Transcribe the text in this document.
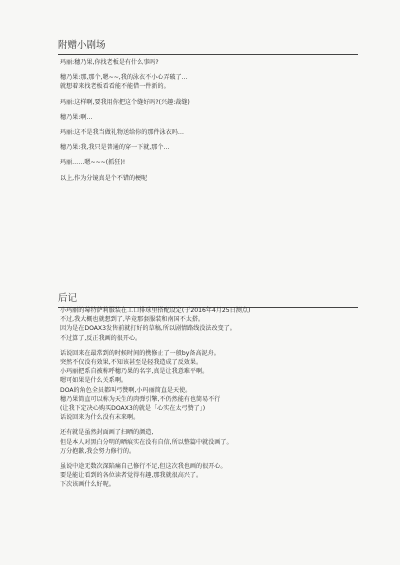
附赠小剧场

玛丽:穗乃果,你找老板是有什么事吗?

穗乃果:那,那个,嗯~~,我的泳衣不小心弄破了…

就想着来找老板看看能不能借一件新的。

玛丽:这样啊,要我用你把这个缝好吗?(兴趣:裁缝)

穗乃果:啊…

玛丽:这不是我当做礼物送给你的那件泳衣吗…

穗乃果:我,我只是普通的穿一下就,那个…

玛丽……嗯~~~(抓狂)!

以上,作为分镜真是个不错的梗呢

后记

小玛丽的莓特萨莉服装在工口排球里搭配设定(于2016年4月25日测点)

不过,我大概也就想到了,毕竟那套服装和南国不太搭。

因为是在DOAX3发售前就打好的草稿,所以剧情路线没法改变了。

不过算了,反正我画的很开心。

话说回来在最常到的时候时间的携修止了一般by备高泥舟。

突然不仅没有效果,不知该甚至是轻我造成了反效果。

小玛丽把系自被称呼穗乃果的名字,真是让我意难平啊。

嗯可如果是什么关系啊。

DOA的角色全员都叫弓赞啊,小玛丽简直是天使。

穗乃果简直可以称为天生的肉弹引擎,不仍然能有也简易不行

(让我下定决心购买DOAX3的就是「心实在太弓赞了」)

话说回来为什么没有末来啊。

还有就是虽然封面画了扫晒的颜造,

但是本人对黑白分明的晒痕实在没有自信,所以整篇中就没画了。

万分抱歉,我会努力修行的。

虽说中途无数次深陷痛自己修行不足,但这次我也画的很开心。

要是能让看到的各位读者觉得有趣,那我就很高兴了。

下次该画什么好呢。
